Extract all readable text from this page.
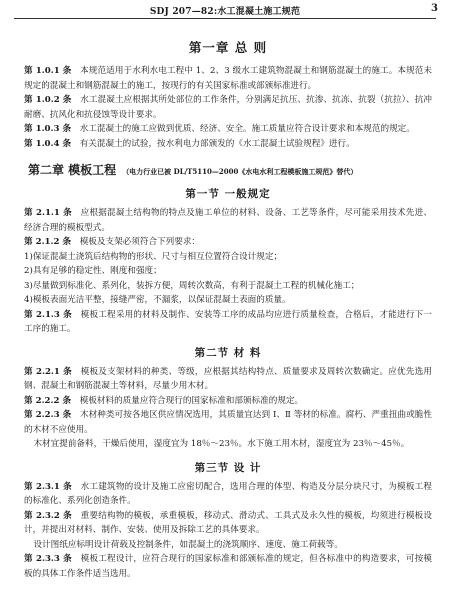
SDJ 207—82:水工混凝土施工规范	3
第一章 总 则
第 1.0.1 条　 本规范适用于水利水电工程中 1、2、3 级水工建筑物混凝土和钢筋混凝土的施工。本规范未规定的混凝土和钢筋混凝土的施工，按现行的有关国家标准或部颁标准进行。
第 1.0.2 条　 水工混凝土应根据其所处部位的工作条件，分别满足抗压、抗渗、抗冻、抗裂（抗拉）、抗冲耐磨、抗风化和抗侵蚀等设计要求。
第 1.0.3 条　 水工混凝土的施工应做到优质、经济、安全。施工质量应符合设计要求和本规范的规定。
第 1.0.4 条　 有关混凝土的试验，按水利电力部颁发的《水工混凝土试验规程》进行。
第二章 模板工程 （电力行业已被 DL/T5110—2000《水电水利工程模板施工规范》替代）
第一节 一般规定
第 2.1.1 条　 应根据混凝土结构物的特点及施工单位的材料、设备、工艺等条件，尽可能采用技术先进、经济合理的模板型式。
第 2.1.2 条　 模板及支架必须符合下列要求：
1)保证混凝土浇筑后结构物的形状、尺寸与相互位置符合设计规定；
2)具有足够的稳定性、刚度和强度；
3)尽量做到标准化、系列化，装拆方便，周转次数高，有利于混凝土工程的机械化施工；
4)模板表面光洁平整，接缝严密，不漏浆，以保证混凝土表面的质量。
第 2.1.3 条　 模板工程采用的材料及制作、安装等工序的成品均应进行质量检查，合格后，才能进行下一工序的施工。
第二节 材 料
第 2.2.1 条　 模板及支架材料的种类、等级，应根据其结构特点、质量要求及周转次数确定。应优先选用钢、混凝土和钢筋混凝土等材料，尽量少用木材。
第 2.2.2 条　 模板材料的质量应符合现行的国家标准和部颁标准的规定。
第 2.2.3 条　 木材种类可按各地区供应情况选用，其质量宜达到 Ⅰ、Ⅱ 等材的标准。腐朽、严重扭曲或脆性的木材不应使用。
木材宜提前备料，干燥后使用，湿度宜为 18％～23％。水下施工用木材，湿度宜为 23％～45％。
第三节 设 计
第 2.3.1 条　 水工建筑物的设计及施工应密切配合，选用合理的体型、构造及分层分块尺寸，为模板工程的标准化、系列化创造条件。
第 2.3.2 条　 重要结构物的模板，承重模板，移动式、滑动式、工具式及永久性的模板，均须进行模板设计，并提出对材料、制作、安装、使用及拆除工艺的具体要求。
设计图纸应标明设计荷载及控制条件，如混凝土的浇筑顺序、速度、施工荷载等。
第 2.3.3 条　 模板工程设计，应符合现行的国家标准和部颁标准的规定，但各标准中的构造要求，可按模板的具体工作条件适当选用。
